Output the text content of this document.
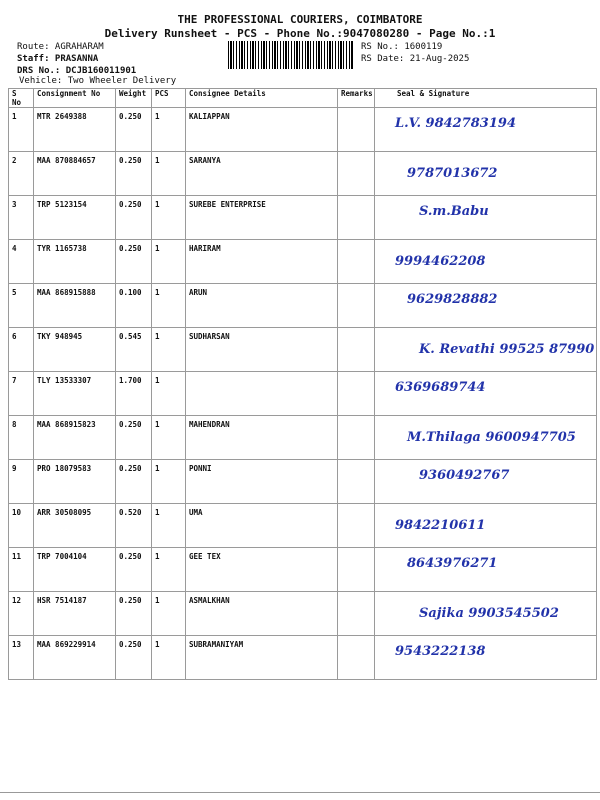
THE PROFESSIONAL COURIERS, COIMBATORE
Delivery Runsheet - PCS - Phone No.:9047080280 - Page No.:1
Route: AGRAHARAM
Staff: PRASANNA
DRS No.: DCJB160011901
Vehicle: Two Wheeler Delivery
RS No.: 1600119
RS Date: 21-Aug-2025
S No	Consignment No	Weight	PCS	Consignee Details	Remarks	Seal & Signature
1	MTR 2649388	0.250	1	KALIAPPAN		L.V. 9842783194

2	MAA 870884657	0.250	1	SARANYA		9787013672

3	TRP 5123154	0.250	1	SUREBE ENTERPRISE		S.m.Babu

4	TYR 1165738	0.250	1	HARIRAM		9994462208

5	MAA 868915888	0.100	1	ARUN		9629828882

6	TKY 948945	0.545	1	SUDHARSAN		K. Revathi 99525 87990

7	TLY 13533307	1.700	1			6369689744

8	MAA 868915823	0.250	1	MAHENDRAN		M.Thilaga 9600947705

9	PRO 18079583	0.250	1	PONNI		9360492767

10	ARR 30508095	0.520	1	UMA		9842210611

11	TRP 7004104	0.250	1	GEE TEX		8643976271

12	HSR 7514187	0.250	1	ASMALKHAN		Sajika 9903545502

13	MAA 869229914	0.250	1	SUBRAMANIYAM		9543222138
